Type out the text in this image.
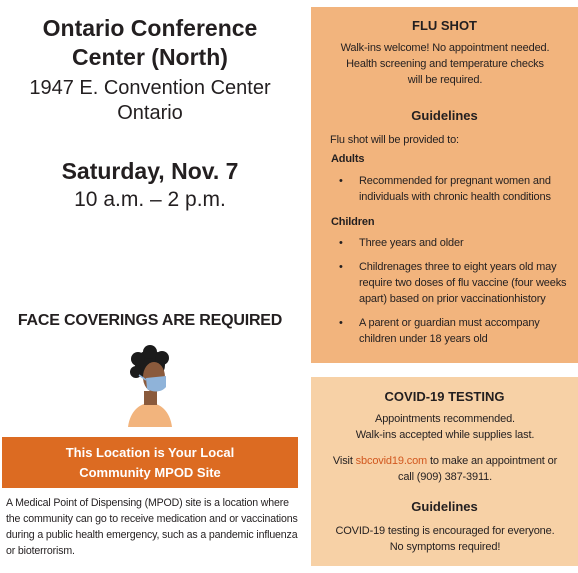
Ontario Conference
Center (North)
1947 E. Convention Center
Ontario
Saturday, Nov. 7
10 a.m. – 2 p.m.
FACE COVERINGS ARE REQUIRED
This Location is Your Local
Community MPOD Site
A Medical Point of Dispensing (MPOD) site is a location where the community can go to receive medication and or vaccinations during a public health emergency, such as a pandemic influenza or bioterrorism.
FLU SHOT
Walk-ins welcome! No appointment needed.
Health screening and temperature checks
will be required.
Guidelines
Flu shot will be provided to:
Adults
• Recommended for pregnant women and
individuals with chronic health conditions
Children
• Three years and older
• Childrenages three to eight years old may
require two doses of flu vaccine (four weeks
apart) based on prior vaccinationhistory
• A parent or guardian must accompany
children under 18 years old
COVID-19 TESTING
Appointments recommended.
Walk-ins accepted while supplies last.
Visit sbcovid19.com to make an appointment or
call (909) 387-3911.
Guidelines
COVID-19 testing is encouraged for everyone.
No symptoms required!
